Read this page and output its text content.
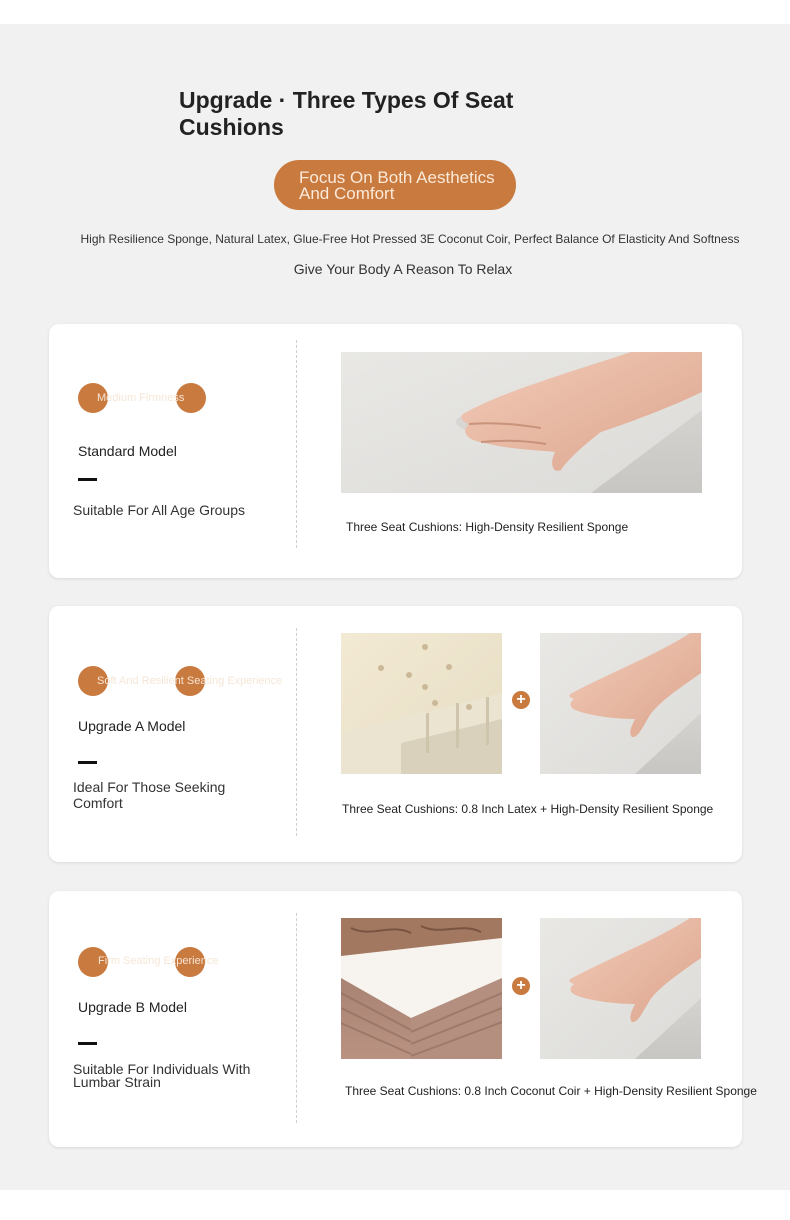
Upgrade · Three Types Of Seat Cushions
Focus On Both Aesthetics And Comfort

High Resilience Sponge, Natural Latex, Glue-Free Hot Pressed 3E Coconut Coir, Perfect Balance Of Elasticity And Softness

Give Your Body A Reason To Relax

Medium Firmness
Standard Model
Suitable For All Age Groups
Three Seat Cushions: High-Density Resilient Sponge
Soft And Resilient Seating Experience
Upgrade A Model
Ideal For Those Seeking Comfort
+
Three Seat Cushions: 0.8 Inch Latex + High-Density Resilient Sponge
Firm Seating Experience
Upgrade B Model
Suitable For Individuals With Lumbar Strain
+
Three Seat Cushions: 0.8 Inch Coconut Coir + High-Density Resilient Sponge
